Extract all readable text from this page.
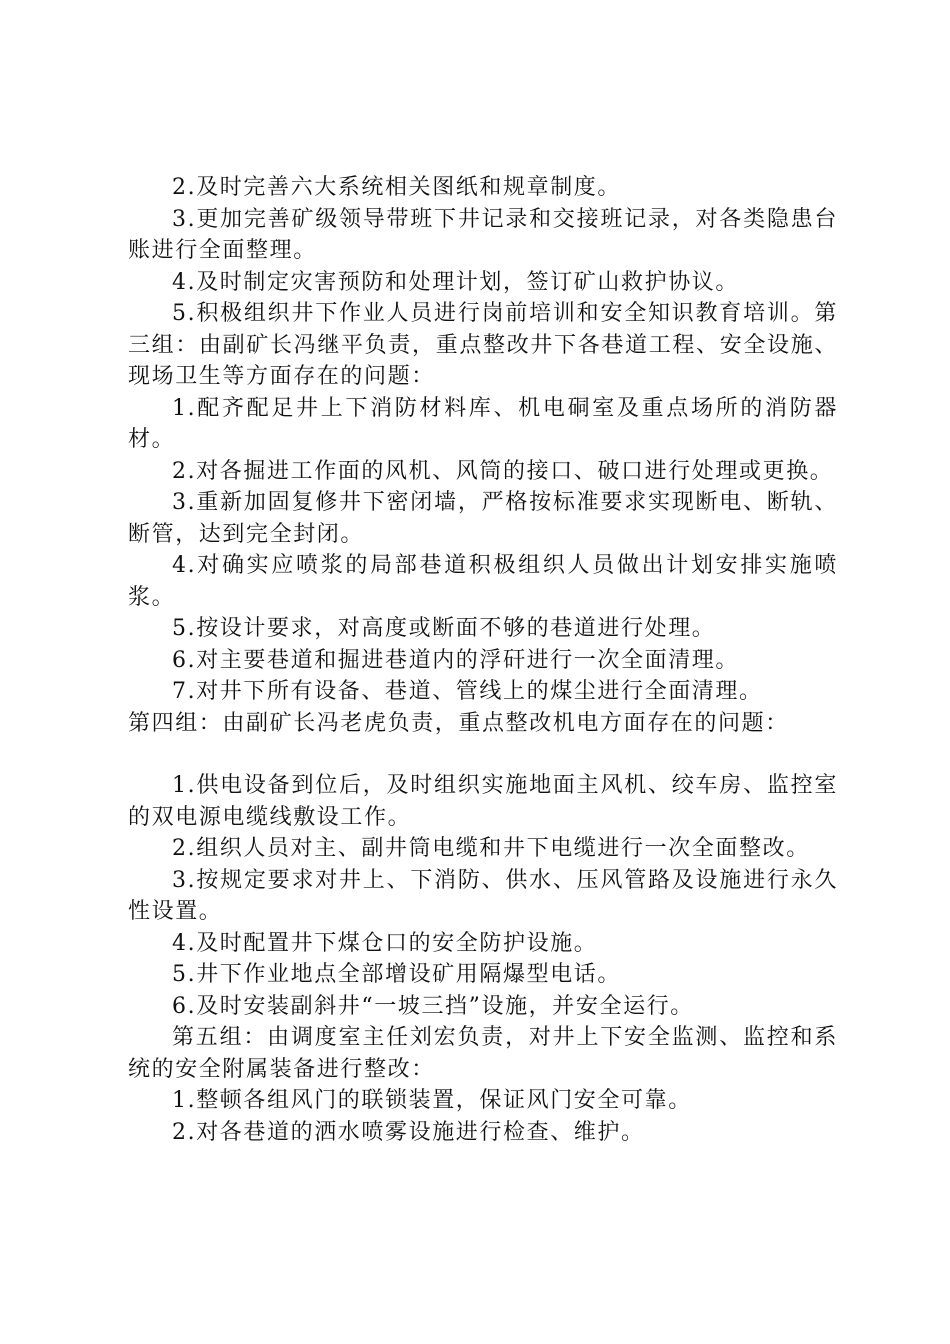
2.及时完善六大系统相关图纸和规章制度。

3.更加完善矿级领导带班下井记录和交接班记录，对各类隐患台账进行全面整理。

4.及时制定灾害预防和处理计划，签订矿山救护协议。

5.积极组织井下作业人员进行岗前培训和安全知识教育培训。第三组：由副矿长冯继平负责，重点整改井下各巷道工程、安全设施、现场卫生等方面存在的问题：

1.配齐配足井上下消防材料库、机电硐室及重点场所的消防器材。

2.对各掘进工作面的风机、风筒的接口、破口进行处理或更换。

3.重新加固复修井下密闭墙，严格按标准要求实现断电、断轨、断管，达到完全封闭。

4.对确实应喷浆的局部巷道积极组织人员做出计划安排实施喷浆。

5.按设计要求，对高度或断面不够的巷道进行处理。

6.对主要巷道和掘进巷道内的浮矸进行一次全面清理。

7.对井下所有设备、巷道、管线上的煤尘进行全面清理。

第四组：由副矿长冯老虎负责，重点整改机电方面存在的问题：

1.供电设备到位后，及时组织实施地面主风机、绞车房、监控室的双电源电缆线敷设工作。

2.组织人员对主、副井筒电缆和井下电缆进行一次全面整改。

3.按规定要求对井上、下消防、供水、压风管路及设施进行永久性设置。

4.及时配置井下煤仓口的安全防护设施。

5.井下作业地点全部增设矿用隔爆型电话。

6.及时安装副斜井“一坡三挡”设施，并安全运行。

第五组：由调度室主任刘宏负责，对井上下安全监测、监控和系统的安全附属装备进行整改：

1.整顿各组风门的联锁装置，保证风门安全可靠。

2.对各巷道的洒水喷雾设施进行检查、维护。
